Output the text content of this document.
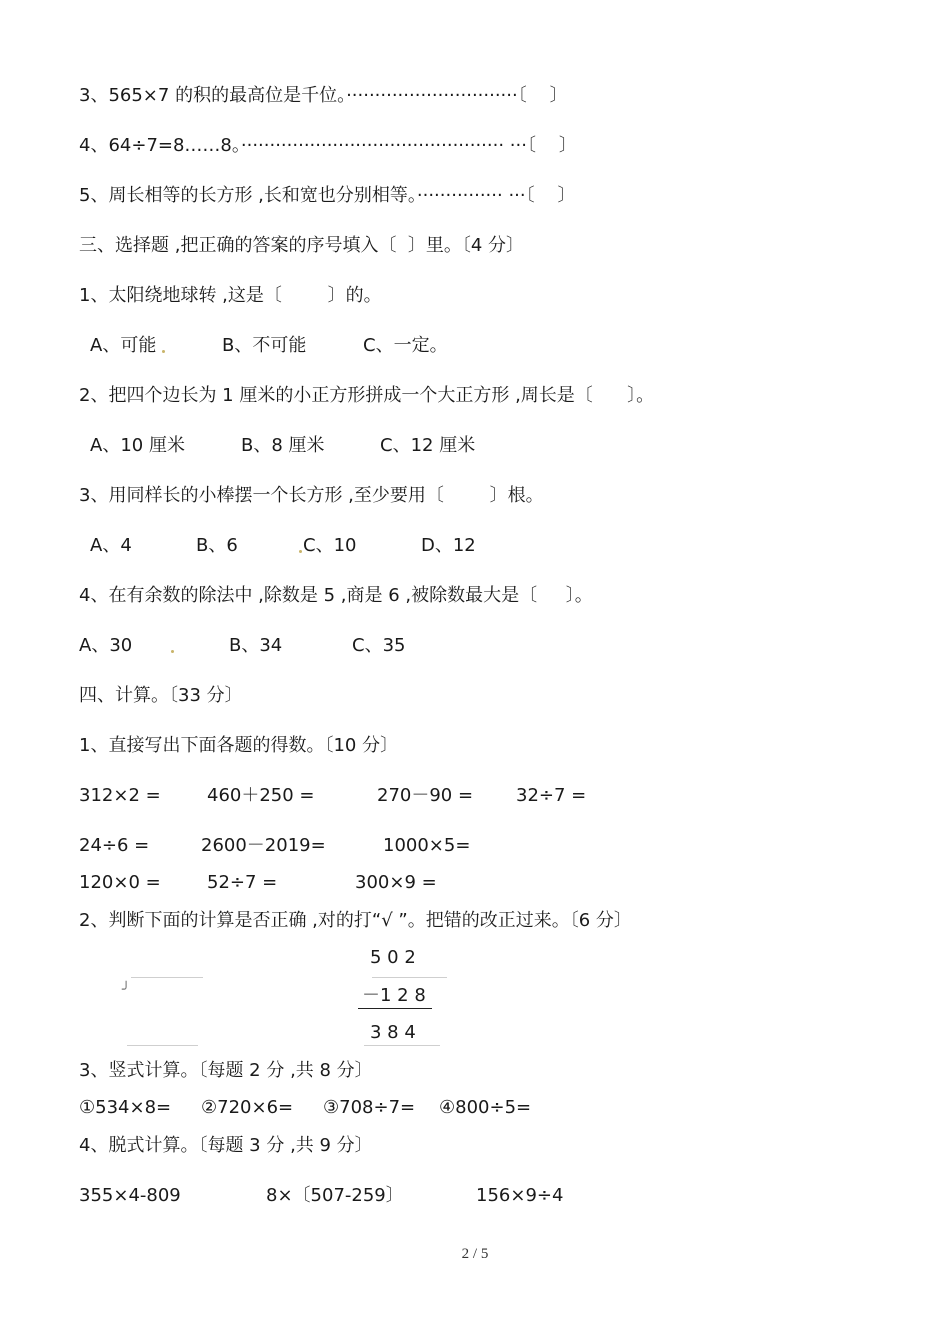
3、565×7 的积的最高位是千位。······························〔    〕
4、64÷7=8……8。·············································· ···〔    〕
5、周长相等的长方形 ,长和宽也分别相等。··············· ···〔    〕
三、选择题 ,把正确的答案的序号填入〔  〕里。〔4 分〕
1、太阳绕地球转 ,这是〔        〕的。
A、可能	B、不可能	C、一定。
2、把四个边长为 1 厘米的小正方形拼成一个大正方形 ,周长是〔      〕。
A、10 厘米	B、8 厘米	C、12 厘米
3、用同样长的小棒摆一个长方形 ,至少要用〔        〕根。
A、4	B、6	C、10	D、12
4、在有余数的除法中 ,除数是 5 ,商是 6 ,被除数最大是〔     〕。
A、30	B、34	C、35
四、计算。〔33 分〕
1、直接写出下面各题的得数。〔10 分〕
312×2 =	460＋250 =	270－90 = 32÷7 =
24÷6 =	2600－2019=	1000×5=
120×0 =	52÷7 =	300×9 =
2、判断下面的计算是否正确 ,对的打“√ ”。把错的改正过来。〔6 分〕
╯
5 0 2
－1 2 8
3 8 4
3、竖式计算。〔每题 2 分 ,共 8 分〕
①534×8= ②720×6= ③708÷7= ④800÷5=
4、脱式计算。〔每题 3 分 ,共 9 分〕
355×4-809	8×〔507-259〕	156×9÷4
2 / 5
